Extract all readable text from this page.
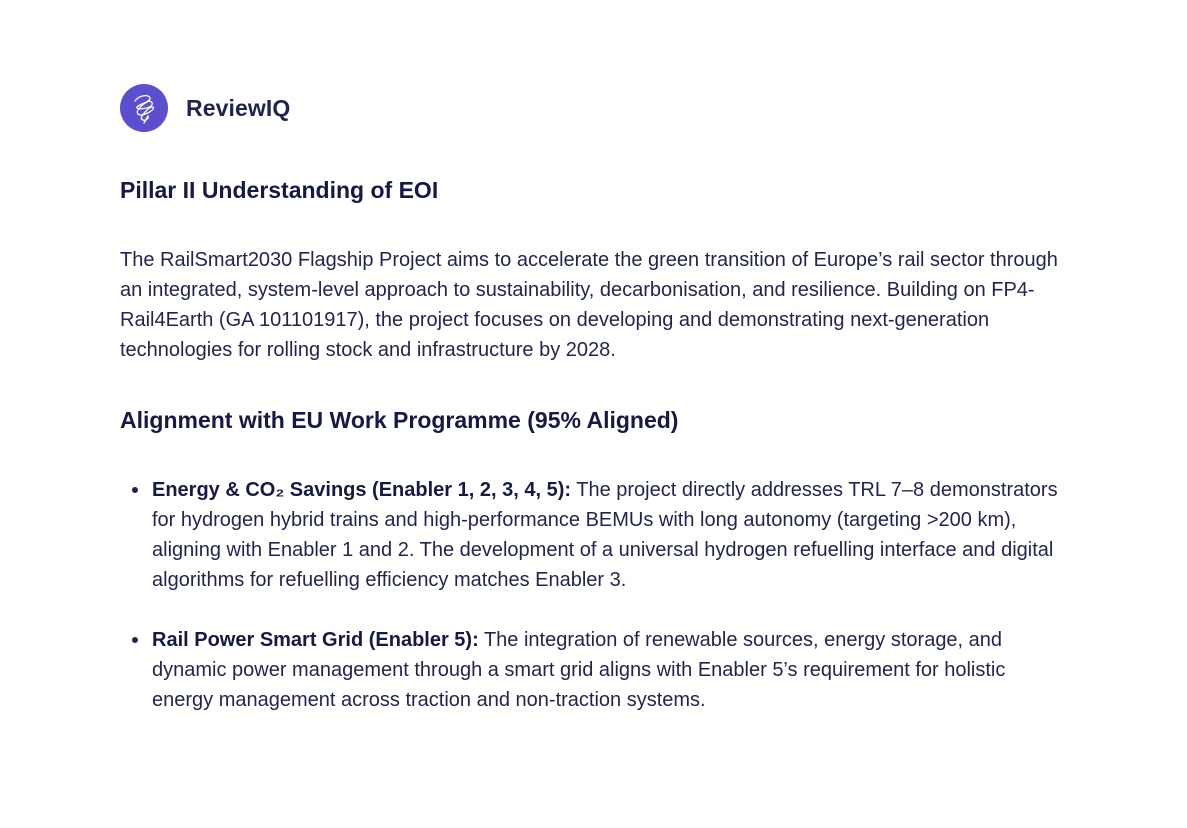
ReviewIQ
Pillar II Understanding of EOI

The RailSmart2030 Flagship Project aims to accelerate the green transition of Europe’s rail sector through an integrated, system-level approach to sustainability, decarbonisation, and resilience. Building on FP4-Rail4Earth (GA 101101917), the project focuses on developing and demonstrating next-generation technologies for rolling stock and infrastructure by 2028.

Alignment with EU Work Programme (95% Aligned)
Energy & CO₂ Savings (Enabler 1, 2, 3, 4, 5): The project directly addresses TRL 7–8 demonstrators for hydrogen hybrid trains and high-performance BEMUs with long autonomy (targeting >200 km), aligning with Enabler 1 and 2. The development of a universal hydrogen refuelling interface and digital algorithms for refuelling efficiency matches Enabler 3.
Rail Power Smart Grid (Enabler 5): The integration of renewable sources, energy storage, and dynamic power management through a smart grid aligns with Enabler 5’s requirement for holistic energy management across traction and non-traction systems.
